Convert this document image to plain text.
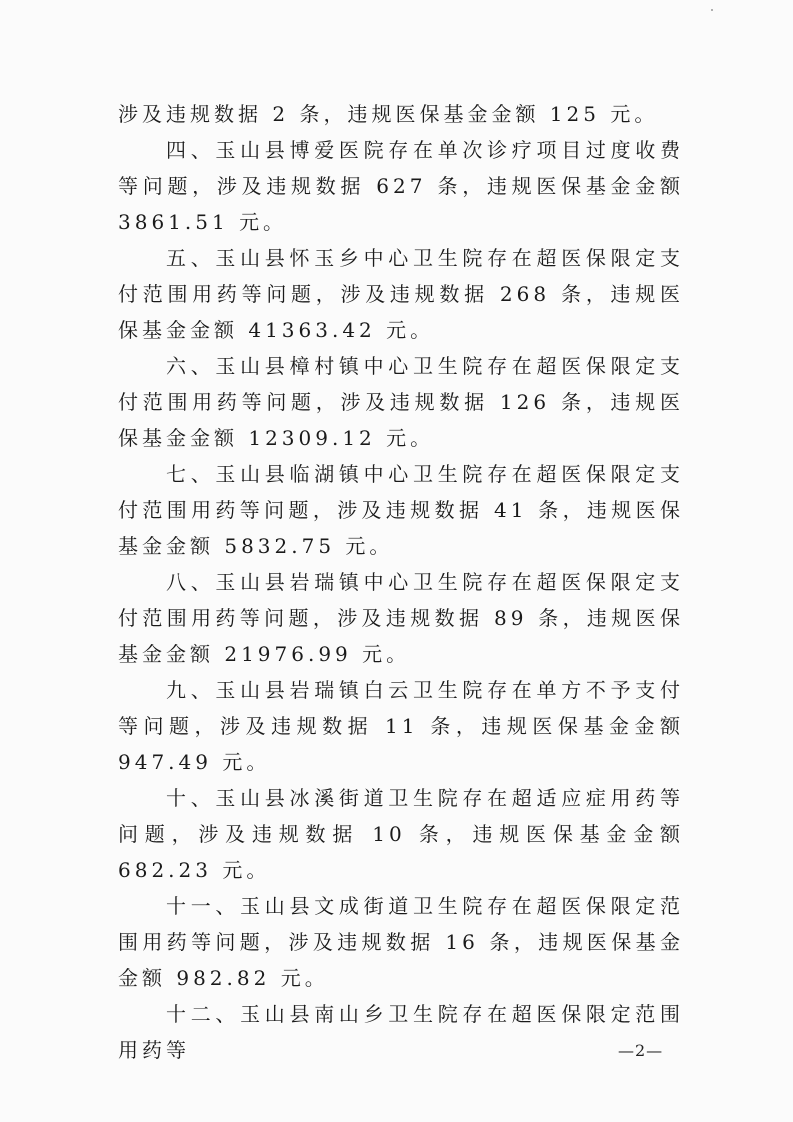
涉及违规数据 2 条，违规医保基金金额 125 元。

四、玉山县博爱医院存在单次诊疗项目过度收费等问题，涉及违规数据 627 条，违规医保基金金额 3861.51 元。

五、玉山县怀玉乡中心卫生院存在超医保限定支付范围用药等问题，涉及违规数据 268 条，违规医保基金金额 41363.42 元。

六、玉山县樟村镇中心卫生院存在超医保限定支付范围用药等问题，涉及违规数据 126 条，违规医保基金金额 12309.12 元。

七、玉山县临湖镇中心卫生院存在超医保限定支付范围用药等问题，涉及违规数据 41 条，违规医保基金金额 5832.75 元。

八、玉山县岩瑞镇中心卫生院存在超医保限定支付范围用药等问题，涉及违规数据 89 条，违规医保基金金额 21976.99 元。

九、玉山县岩瑞镇白云卫生院存在单方不予支付等问题，涉及违规数据 11 条，违规医保基金金额 947.49 元。

十、玉山县冰溪街道卫生院存在超适应症用药等问题，涉及违规数据 10 条，违规医保基金金额 682.23 元。

十一、玉山县文成街道卫生院存在超医保限定范围用药等问题，涉及违规数据 16 条，违规医保基金金额 982.82 元。

十二、玉山县南山乡卫生院存在超医保限定范围用药等	—2—
